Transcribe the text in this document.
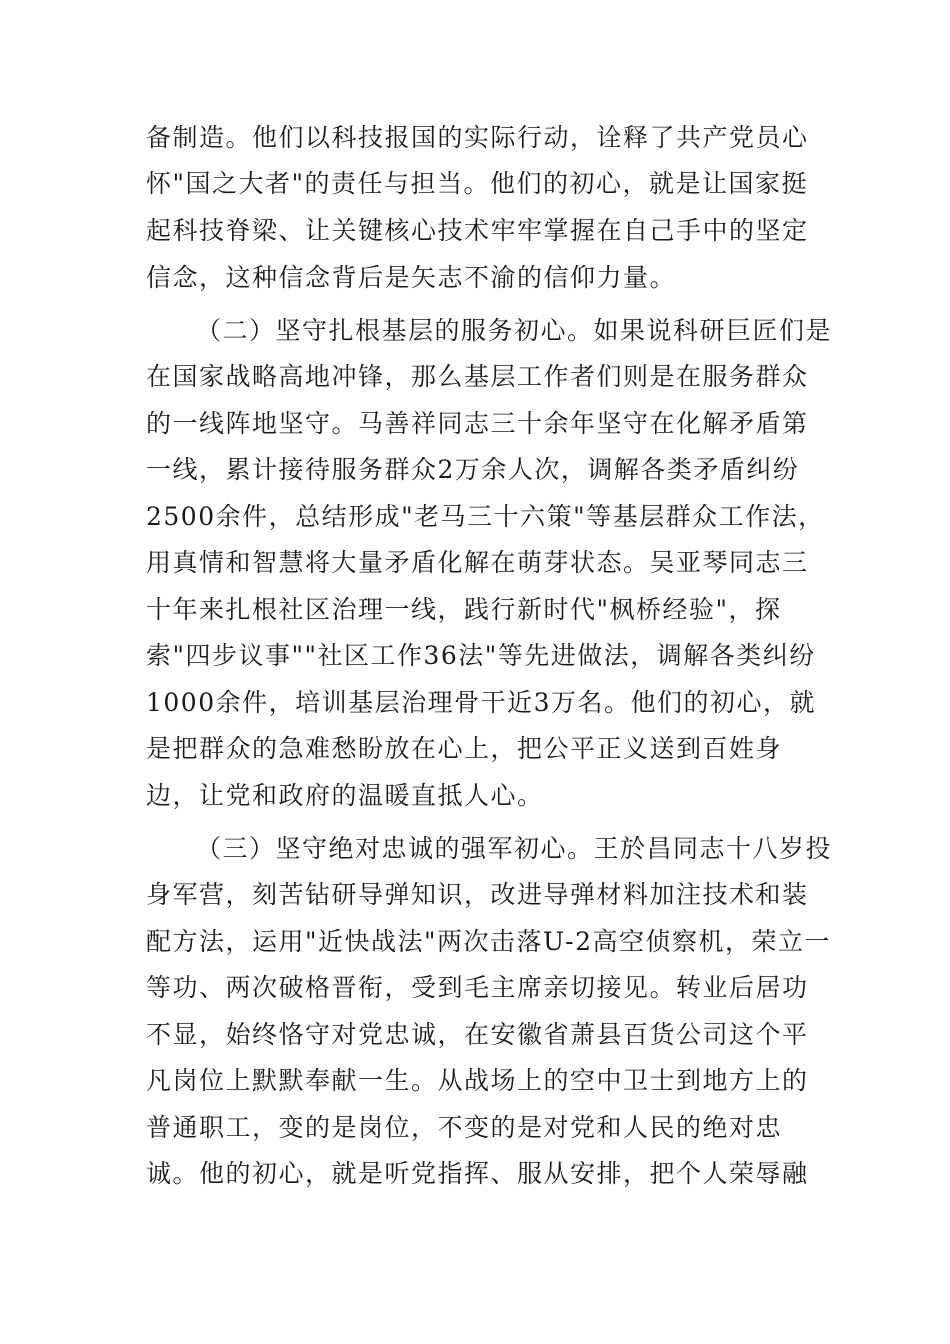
备制造。他们以科技报国的实际行动，诠释了共产党员心
怀"国之大者"的责任与担当。他们的初心，就是让国家挺
起科技脊梁、让关键核心技术牢牢掌握在自己手中的坚定
信念，这种信念背后是矢志不渝的信仰力量。
（二）坚守扎根基层的服务初心。如果说科研巨匠们是
在国家战略高地冲锋，那么基层工作者们则是在服务群众
的一线阵地坚守。马善祥同志三十余年坚守在化解矛盾第
一线，累计接待服务群众2万余人次，调解各类矛盾纠纷
2500余件，总结形成"老马三十六策"等基层群众工作法，
用真情和智慧将大量矛盾化解在萌芽状态。吴亚琴同志三
十年来扎根社区治理一线，践行新时代"枫桥经验"，探
索"四步议事""社区工作36法"等先进做法，调解各类纠纷
1000余件，培训基层治理骨干近3万名。他们的初心，就
是把群众的急难愁盼放在心上，把公平正义送到百姓身
边，让党和政府的温暖直抵人心。
（三）坚守绝对忠诚的强军初心。王於昌同志十八岁投
身军营，刻苦钻研导弹知识，改进导弹材料加注技术和装
配方法，运用"近快战法"两次击落U-2高空侦察机，荣立一
等功、两次破格晋衔，受到毛主席亲切接见。转业后居功
不显，始终恪守对党忠诚，在安徽省萧县百货公司这个平
凡岗位上默默奉献一生。从战场上的空中卫士到地方上的
普通职工，变的是岗位，不变的是对党和人民的绝对忠
诚。他的初心，就是听党指挥、服从安排，把个人荣辱融
